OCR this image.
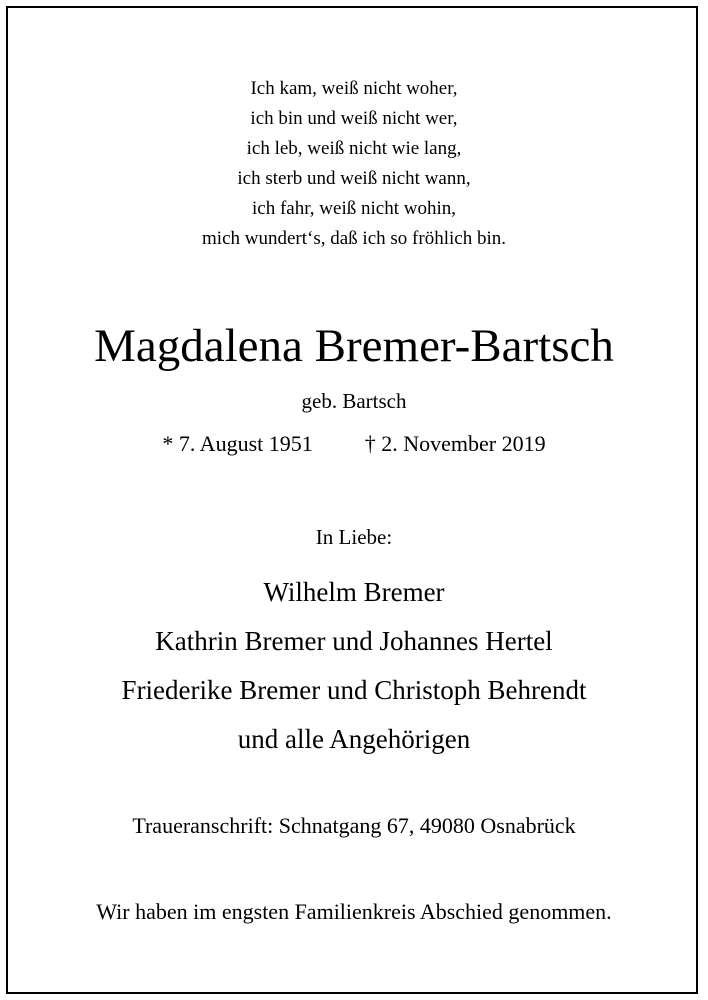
Ich kam, weiß nicht woher,
ich bin und weiß nicht wer,
ich leb, weiß nicht wie lang,
ich sterb und weiß nicht wann,
ich fahr, weiß nicht wohin,
mich wundert‘s, daß ich so fröhlich bin.
Magdalena Bremer-Bartsch
geb. Bartsch
* 7. August 1951 † 2. November 2019
In Liebe:
Wilhelm Bremer
Kathrin Bremer und Johannes Hertel
Friederike Bremer und Christoph Behrendt
und alle Angehörigen
Traueranschrift: Schnatgang 67, 49080 Osnabrück
Wir haben im engsten Familienkreis Abschied genommen.
